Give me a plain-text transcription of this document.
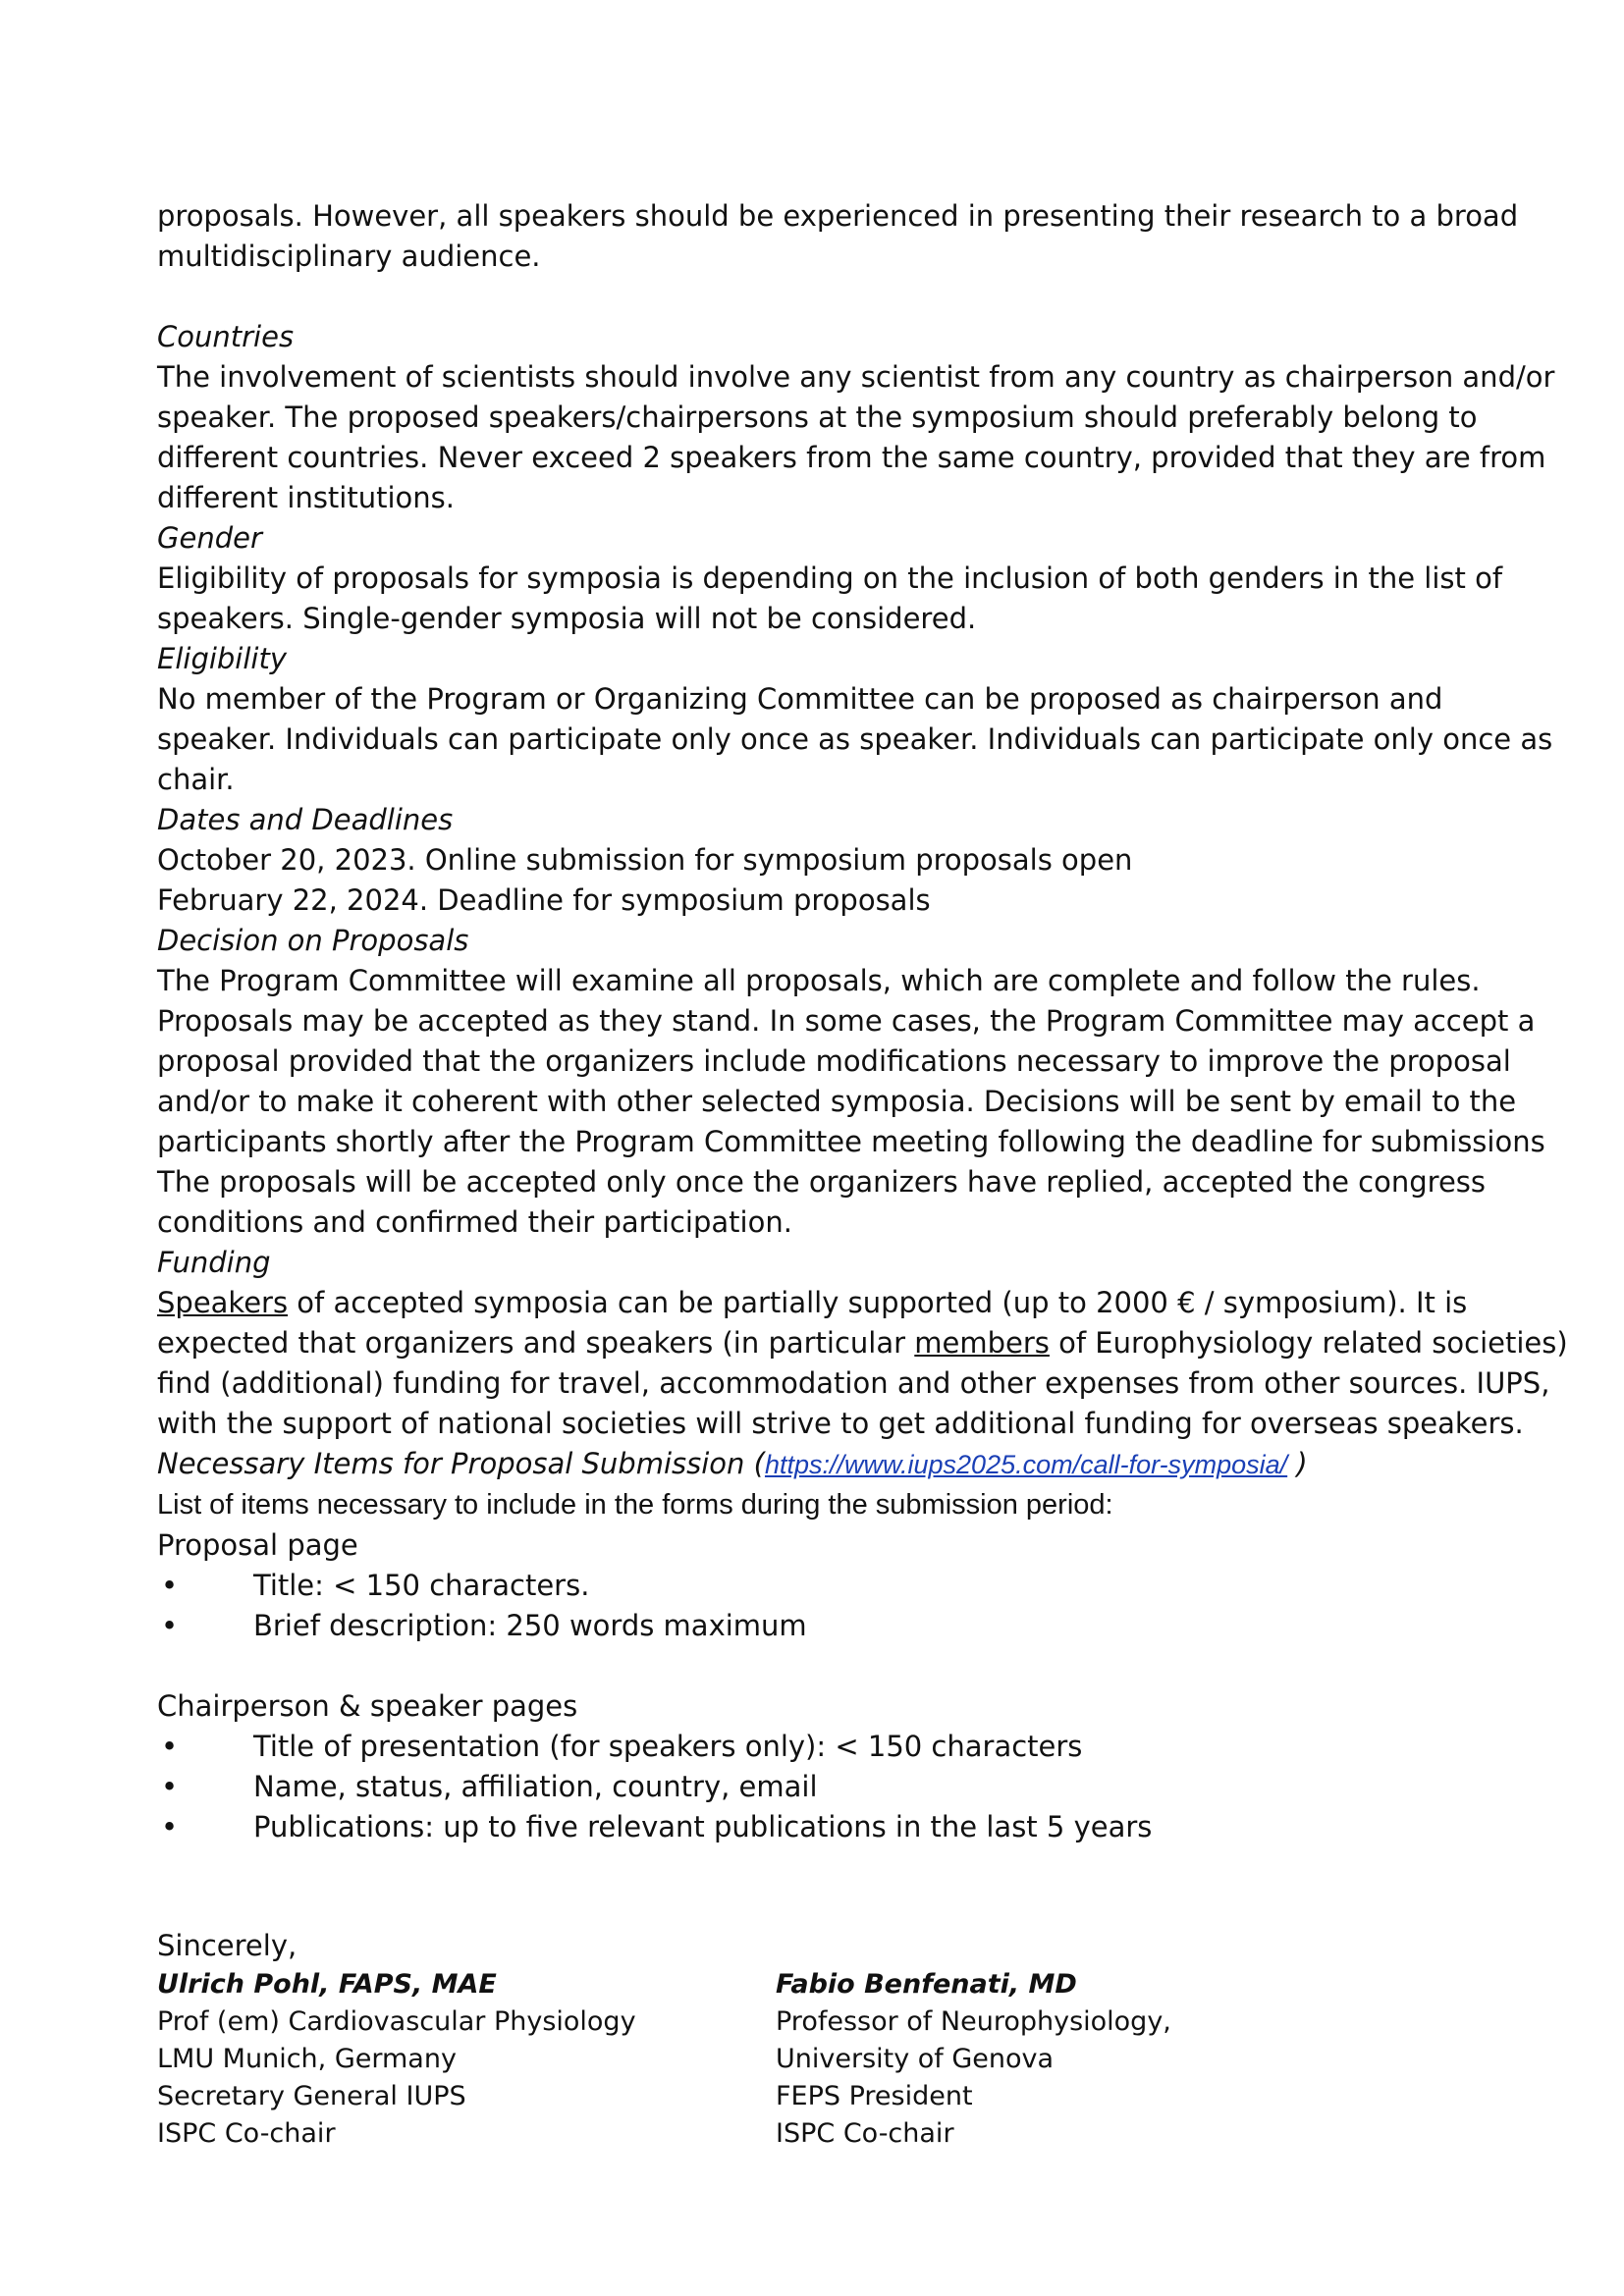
proposals. However, all speakers should be experienced in presenting their research to a broad

multidisciplinary audience.

Countries

The involvement of scientists should involve any scientist from any country as chairperson and/or

speaker. The proposed speakers/chairpersons at the symposium should preferably belong to

different countries. Never exceed 2 speakers from the same country, provided that they are from

different institutions.

Gender

Eligibility of proposals for symposia is depending on the inclusion of both genders in the list of

speakers. Single-gender symposia will not be considered.

Eligibility

No member of the Program or Organizing Committee can be proposed as chairperson and

speaker. Individuals can participate only once as speaker. Individuals can participate only once as

chair.

Dates and Deadlines

October 20, 2023. Online submission for symposium proposals open

February 22, 2024. Deadline for symposium proposals

Decision on Proposals

The Program Committee will examine all proposals, which are complete and follow the rules.

Proposals may be accepted as they stand. In some cases, the Program Committee may accept a

proposal provided that the organizers include modifications necessary to improve the proposal

and/or to make it coherent with other selected symposia. Decisions will be sent by email to the

participants shortly after the Program Committee meeting following the deadline for submissions

The proposals will be accepted only once the organizers have replied, accepted the congress

conditions and confirmed their participation.

Funding

Speakers of accepted symposia can be partially supported (up to 2000 € / symposium). It is

expected that organizers and speakers (in particular members of Europhysiology related societies)

find (additional) funding for travel, accommodation and other expenses from other sources. IUPS,

with the support of national societies will strive to get additional funding for overseas speakers.

Necessary Items for Proposal Submission (https://www.iups2025.com/call-for-symposia/ )

List of items necessary to include in the forms during the submission period:

Proposal page

•	Title: < 150 characters.

•	Brief description: 250 words maximum

Chairperson & speaker pages

•	Title of presentation (for speakers only): < 150 characters

•	Name, status, affiliation, country, email

•	Publications: up to five relevant publications in the last 5 years

Sincerely,

Ulrich Pohl, FAPS, MAE

Prof (em) Cardiovascular Physiology

LMU Munich, Germany

Secretary General IUPS

ISPC Co-chair

Fabio Benfenati, MD

Professor of Neurophysiology,

University of Genova

FEPS President

ISPC Co-chair
